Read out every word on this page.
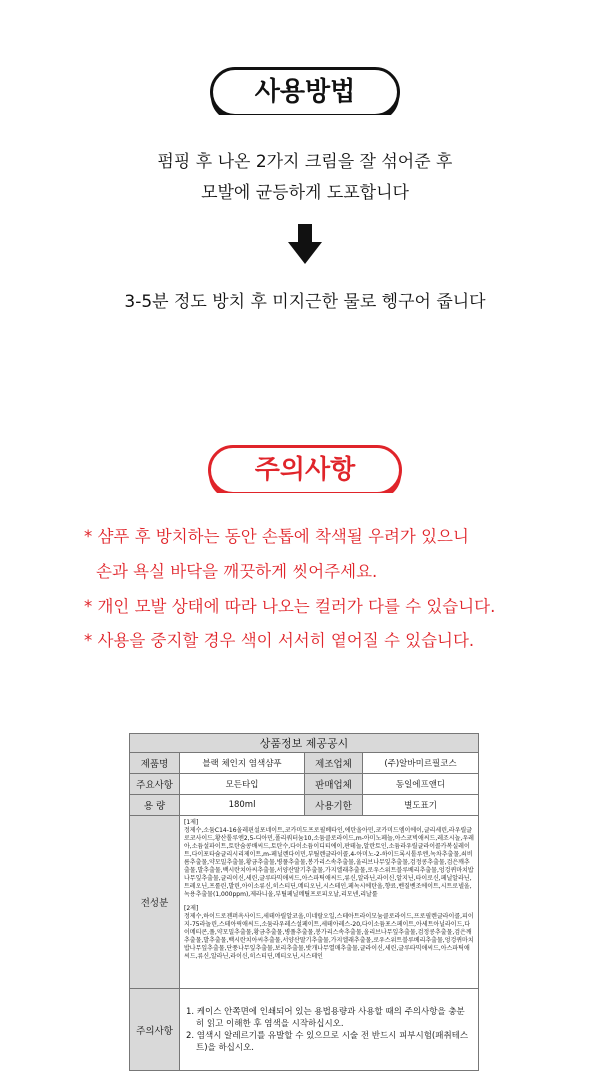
사용방법
펌핑 후 나온 2가지 크림을 잘 섞어준 후
모발에 균등하게 도포합니다
3-5분 정도 방치 후 미지근한 물로 헹구어 줍니다
주의사항
* 샴푸 후 방치하는 동안 손톱에 착색될 우려가 있으니
손과 욕실 바닥을 깨끗하게 씻어주세요.
* 개인 모발 상태에 따라 나오는 컬러가 다를 수 있습니다.
* 사용을 중지할 경우 색이 서서히 옅어질 수 있습니다.
상품정보 제공공시			
제품명	블랙 체인지 염색샴푸	제조업체	(주)알바미르필코스
주요사항	모든타입	판매업체	동일에프앤디
용 량	180ml	사용기한	별도표기
전성분	[1제]
정제수,소듐C14-16올레핀설포네이트,코카미도프로필베타인,에탄올아민,코카미드엠이에이,글리세린,라우릴글로코사이드,황산톨루엔2,5-디아민,폴리쿼터늄10,소듐클로라이드,m-아미노페놀,아스코빅애씨드,레조시놀,우레아,소듐설파이트,토탄숨콩배씨드,토탄수,다이소듐이디티에이,판테놀,알란토인,소듐라우릴글라이콜카복실레이트,다이포타슘글리시리제이트,m-페닐렌다이민,부틸렌글라이콜,4-아미노-2-하이드록시톨루엔,녹차추출물,쇠비름추출물,약모밀추출물,황금추출물,병풀추출물,봉가리스속추출물,울리브나무잎추출물,검정콩추출물,검은깨추출물,발추출물,백시란치아씨추출물,서양산딸기추출물,가지엘래추출물,로우스위트블루베리추출물,엉겅퀴마치밥나무잎추출물,글리이신,세린,글루타믹애씨드,아스파틱애씨드,류신,알라닌,라이신,알지닌,타이로신,페닐알라닌,트레오닌,프롤린,발린,아이소류신,히스티딘,메티오닌,시스테인,페녹시에탄올,향료,벤질벤조에이트,시트로넬올,녹용추출물(1,000ppm),제라니올,부틸페닐메틸프로피오날,리모넨,리날룰

[2제]
정제수,하이드로젠퍼옥사이드,세테아릴알코올,미네랄오일,스테아트라이모늄클로라이드,프로필렌글라이콜,피이지-75라놀린,스테아릭애씨드,소듐라우레스설페이트,세테아레스-20,다이소듐포스페이트,아세트아닐라이드,다이메티콘,풀,약모밀추출물,황금추출물,병풀추출물,봉가리스속추출물,올리브나무잎추출물,검정콩추출물,검은깨추출물,발추출물,백시란치아씨추출물,서양산딸기추출물,가지엘래추출물,로우스위트블루베리추출물,엉겅퀴마치밥나무잎추출물,단풍나무잎추출물,보리추출물,밧개나무열매추출물,글라이신,세린,글루타믹애씨드,아스파틱애씨드,류신,알라닌,라이신,히스티딘,메티오닌,시스테인		

주의사항	1. 케이스 안쪽면에 인쇄되어 있는 용법용량과 사용할 때의 주의사항을 충분히 읽고 이해한 후 염색을 시작하십시오.
2. 염색시 알레르기를 유발할 수 있으므로 시술 전 반드시 피부시험(패취테스트)을 하십시오.		
